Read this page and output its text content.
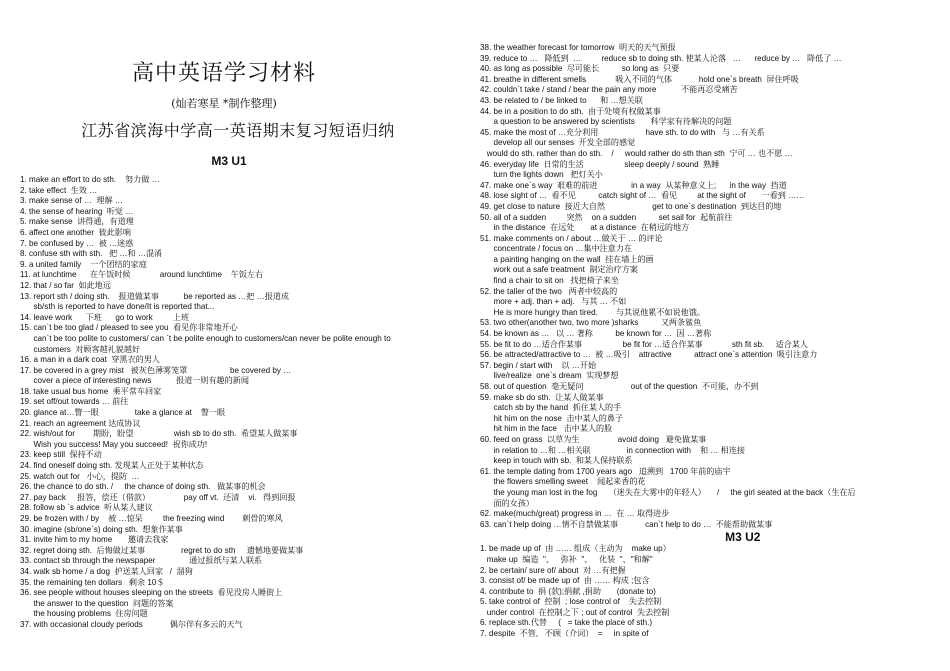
高中英语学习材料
(灿若寒星 *制作整理)
江苏省滨海中学高一英语期末复习短语归纳
M3 U1
1. make an effort to do sth.    努力做 …
2. take effect  生效 …
3. make sense of …  理解 …
4. the sense of hearing  听觉 …
5. make sense  讲得通，有道理
6. affect one another  彼此影响
7. be confused by …  被 …迷惑
8. confuse sth with sth.   把 …和 …混淆
9. a united family    一个团结的家庭
11. at lunchtime      在午饭时候             around lunchtime    午饭左右
12. that / so far  如此地远
13. report sth / doing sth.    报道做某事           be reported as …把 …报道成
sb/sth is reported to have done/It is reported that...
14. leave work      下班      go to work         上班
15. can`t be too glad / pleased to see you  看见你非常地开心
can`t be too polite to customers/ can `t be polite enough to customers/can never be polite enough to
customers  对顾客越礼貌越好
16. a man in a dark coat  穿黑衣的男人
17. be covered in a grey mist   被灰色薄雾笼罩                   be covered by …
cover a piece of interesting news           报道一则有趣的新闻
18. take usual bus home  乘平常车回家
19. set off/out towards … 前往
20. glance at…瞥一眼                take a glance at    瞥一眼
21. reach an agreement 达成协议
22. wish/out for        期盼，盼望                  wish sb to do sth.  希望某人做某事
Wish you success! May you succeed!  祝你成功!
23. keep still  保持不动
24. find oneself doing sth. 发现某人正处于某种状态
25. watch out for   小心，提防  …
26. the chance to do sth. /     the chance of doing sth.   做某事的机会
27. pay back     报答，偿还（借款）               pay off vt.  还清    vi.   得到回报
28. follow sb `s advice  听从某人建议
29. be frozen with / by    被 …惊呆         the freezing wind        刺骨的寒风
30. imagine (sb/one`s) doing sth.  想象作某事
31. invite him to my home       邀请去我家
32. regret doing sth.  后悔做过某事                regret to do sth     遗憾地要做某事
33. contact sb through the newspaper               通过报纸与某人联系
34. walk sb home / a dog  护送某人回家   /  溜狗
35. the remaining ten dollars   剩余 10＄
36. see people without houses sleeping on the streets  看见没房人睡街上
the answer to the question  问题的答案
the housing problems  住房问题
37. with occasional cloudy periods            偶尔伴有多云的天气
38. the weather forecast for tomorrow  明天的天气预报
39. reduce to …   降低到  …         reduce sb to doing sth. 使某人沦落   …      reduce by …   降低了 …
40. as long as possible  尽可能长          so long as  只要
41. breathe in different smells             吸入不同的气体            hold one`s breath  屏住呼吸
42. couldn`t take / stand / bear the pain any more           不能再忍受痛苦
43. be related to / be linked to      和 …想关联
44. be in a position to do sth.  由于处境有权做某事
a question to be answered by scientists       科学家有待解决的问题
45. make the most of …充分利用                     have sth. to do with   与 …有关系
develop all our senses  开发全部的感觉
would do sth. rather than do sth.    /     would rather do sth than sth  宁可 … 也不愿 …
46. everyday life  日常的生活                  sleep deeply / sound  熟睡
turn the lights down   把灯关小
47. make one`s way  艰难的前进               in a way  从某种意义上;      in the way  挡道
48. lose sight of …  看不见          catch sight of …  看见         at the sight of       一看到 ……
49. get close to nature  接近大自然                     get to one`s destination  到达目的地
50. all of a sudden         突然    on a sudden          set sail for  起航前往
in the distance  在远处       at a distance  在稍远的地方
51. make comments on / about …做关于 … 的评论
concentrate / focus on …集中注意力在
a painting hanging on the wall  挂在墙上的画
work out a safe treatment  制定治疗方案
find a chair to sit on   找把椅子来坐
52. the taller of the two   两者中较高的
more + adj. than + adj.   与其 … 不如
He is more hungry than tired.        与其说他累不如说他饿。
53. two other(another two, two more )sharks          又两条鲨鱼
54. be known as …   以 … 著称          be known for …  因 …著称
55. be fit to do …适合作某事                  be fit for …适合作某事             sth fit sb.     适合某人
56. be attracted/attractive to …  被 …吸引    attractive          attract one`s attention  吸引注意力
57. begin / start with    以 …开始
live/realize  one`s dream  实现梦想
58. out of question  毫无疑问                     out of the question  不可能，办不到
59. make sb do sth.  让某人做某事
catch sb by the hand  抓住某人的手
hit him on the nose  击中某人的鼻子
hit him in the face   击中某人的脸
60. feed on grass  以草为生                 avoid doing   避免做某事
in relation to …和 …相关联                in connection with    和 … 相连接
keep in touch with sb.  和某人保持联系
61. the temple dating from 1700 years ago   追溯到   1700 年前的庙宇
the flowers smelling sweet    闻起来香的花
the young man lost in the fog     （迷失在大雾中的年轻人）     /     the girl seated at the back（生在后
面的女孩）
62. make(much/great) progress in …  在 … 取得进步
63. can`t help doing …情不自禁做某事            can`t help to do …  不能帮助做某事
M3 U2
1. be made up of  由 …… 组成（主动为    make up）
make up  编造  "、   弥补  "、   化装  "、"和解"
2. be certain/ sure of/ about  对 …有把握
3. consist of/ be made up of  由 …… 构成 ;包含
4. contribute to  捐 (款);捐献 ,捐助       (donate to)
5. take control of  控制  ; lose control of    失去控制
under control  在控制之下 ; out of control  失去控制
6. replace sth.代替     (   = take the place of sth.)
7. despite  不管,   不顾（介词）  =     in spite of
